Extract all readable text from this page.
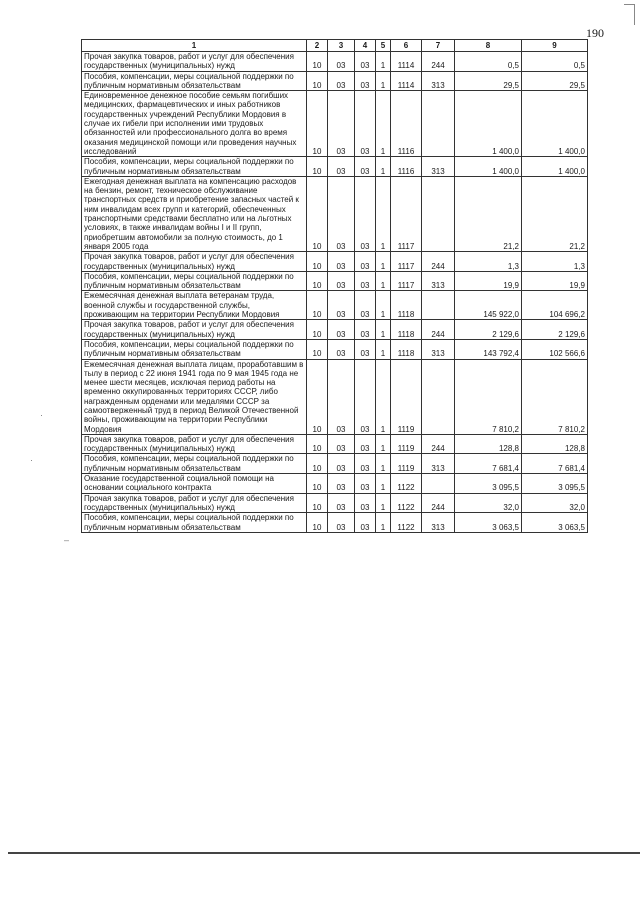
190
·
·
–
1	2	3	4	5	6	7	8	9
Прочая закупка товаров, работ и услуг для обеспечения государственных (муниципальных) нужд	10	03	03	1	1114	244	0,5	0,5
Пособия, компенсации, меры социальной поддержки по публичным нормативным обязательствам	10	03	03	1	1114	313	29,5	29,5
Единовременное денежное пособие семьям погибших медицинских, фармацевтических и иных работников государственных учреждений Республики Мордовия в случае их гибели при исполнении ими трудовых обязанностей или профессионального долга во время оказания медицинской помощи или проведения научных исследований	10	03	03	1	1116		1 400,0	1 400,0
Пособия, компенсации, меры социальной поддержки по публичным нормативным обязательствам	10	03	03	1	1116	313	1 400,0	1 400,0
Ежегодная денежная выплата на компенсацию расходов на бензин, ремонт, техническое обслуживание транспортных средств и приобретение запасных частей к ним инвалидам всех групп и категорий, обеспеченных транспортными средствами бесплатно или на льготных условиях, в также инвалидам войны I и II групп, приобретшим автомобили за полную стоимость, до 1 января 2005 года	10	03	03	1	1117		21,2	21,2
Прочая закупка товаров, работ и услуг для обеспечения государственных (муниципальных) нужд	10	03	03	1	1117	244	1,3	1,3
Пособия, компенсации, меры социальной поддержки по публичным нормативным обязательствам	10	03	03	1	1117	313	19,9	19,9
Ежемесячная денежная выплата ветеранам труда, военной службы и государственной службы, проживающим на территории Республики Мордовия	10	03	03	1	1118		145 922,0	104 696,2
Прочая закупка товаров, работ и услуг для обеспечения государственных (муниципальных) нужд	10	03	03	1	1118	244	2 129,6	2 129,6
Пособия, компенсации, меры социальной поддержки по публичным нормативным обязательствам	10	03	03	1	1118	313	143 792,4	102 566,6
Ежемесячная денежная выплата лицам, проработавшим в тылу в период с 22 июня 1941 года по 9 мая 1945 года не менее шести месяцев, исключая период работы на временно оккупированных территориях СССР, либо награжденным орденами или медалями СССР за самоотверженный труд в период Великой Отечественной войны, проживающим на территории Республики Мордовия	10	03	03	1	1119		7 810,2	7 810,2
Прочая закупка товаров, работ и услуг для обеспечения государственных (муниципальных) нужд	10	03	03	1	1119	244	128,8	128,8
Пособия, компенсации, меры социальной поддержки по публичным нормативным обязательствам	10	03	03	1	1119	313	7 681,4	7 681,4
Оказание государственной социальной помощи на основании социального контракта	10	03	03	1	1122		3 095,5	3 095,5
Прочая закупка товаров, работ и услуг для обеспечения государственных (муниципальных) нужд	10	03	03	1	1122	244	32,0	32,0
Пособия, компенсации, меры социальной поддержки по публичным нормативным обязательствам	10	03	03	1	1122	313	3 063,5	3 063,5
